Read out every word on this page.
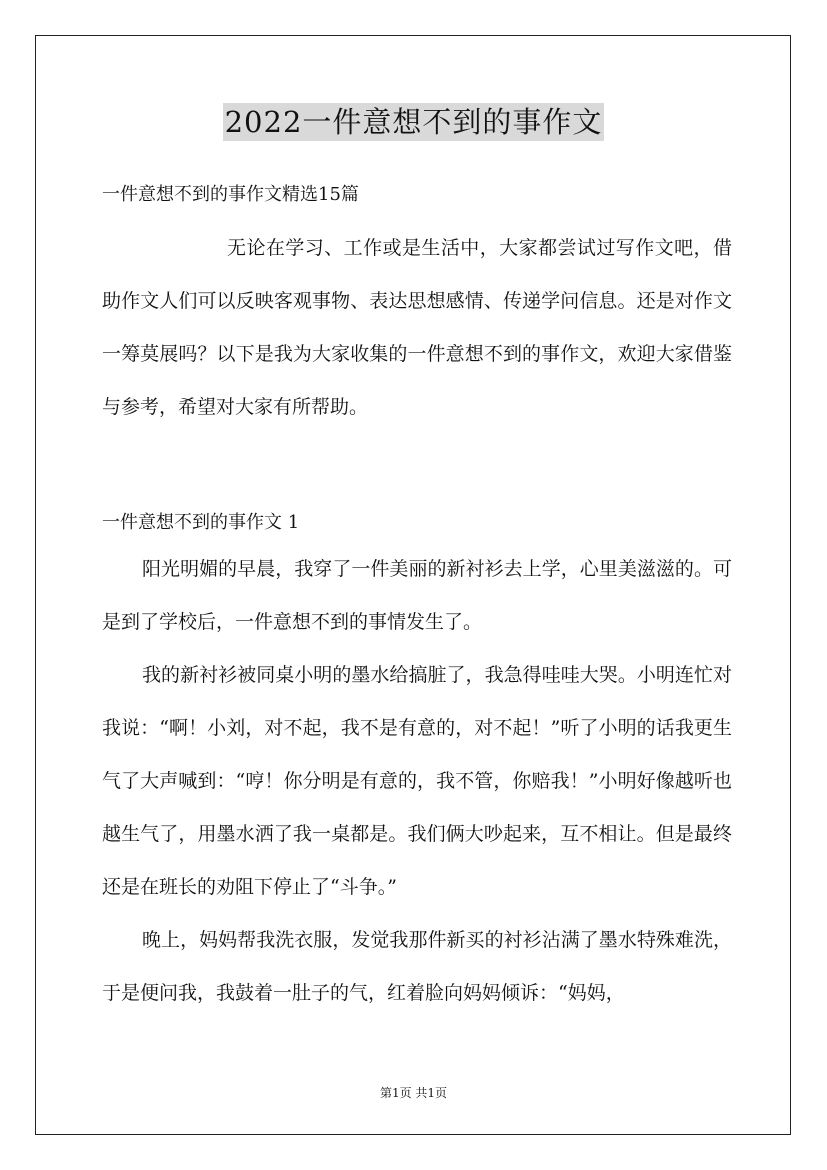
2022一件意想不到的事作文
一件意想不到的事作文精选15篇

无论在学习、工作或是生活中，大家都尝试过写作文吧，借助作文人们可以反映客观事物、表达思想感情、传递学问信息。还是对作文一筹莫展吗？以下是我为大家收集的一件意想不到的事作文，欢迎大家借鉴与参考，希望对大家有所帮助。

一件意想不到的事作文 1

阳光明媚的早晨，我穿了一件美丽的新衬衫去上学，心里美滋滋的。可是到了学校后，一件意想不到的事情发生了。

我的新衬衫被同桌小明的墨水给搞脏了，我急得哇哇大哭。小明连忙对我说：“啊！小刘，对不起，我不是有意的，对不起！”听了小明的话我更生气了大声喊到：“哼！你分明是有意的，我不管，你赔我！”小明好像越听也越生气了，用墨水洒了我一桌都是。我们俩大吵起来，互不相让。但是最终还是在班长的劝阻下停止了“斗争。”

晚上，妈妈帮我洗衣服，发觉我那件新买的衬衫沾满了墨水特殊难洗，于是便问我，我鼓着一肚子的气，红着脸向妈妈倾诉：“妈妈，

第1页 共1页
